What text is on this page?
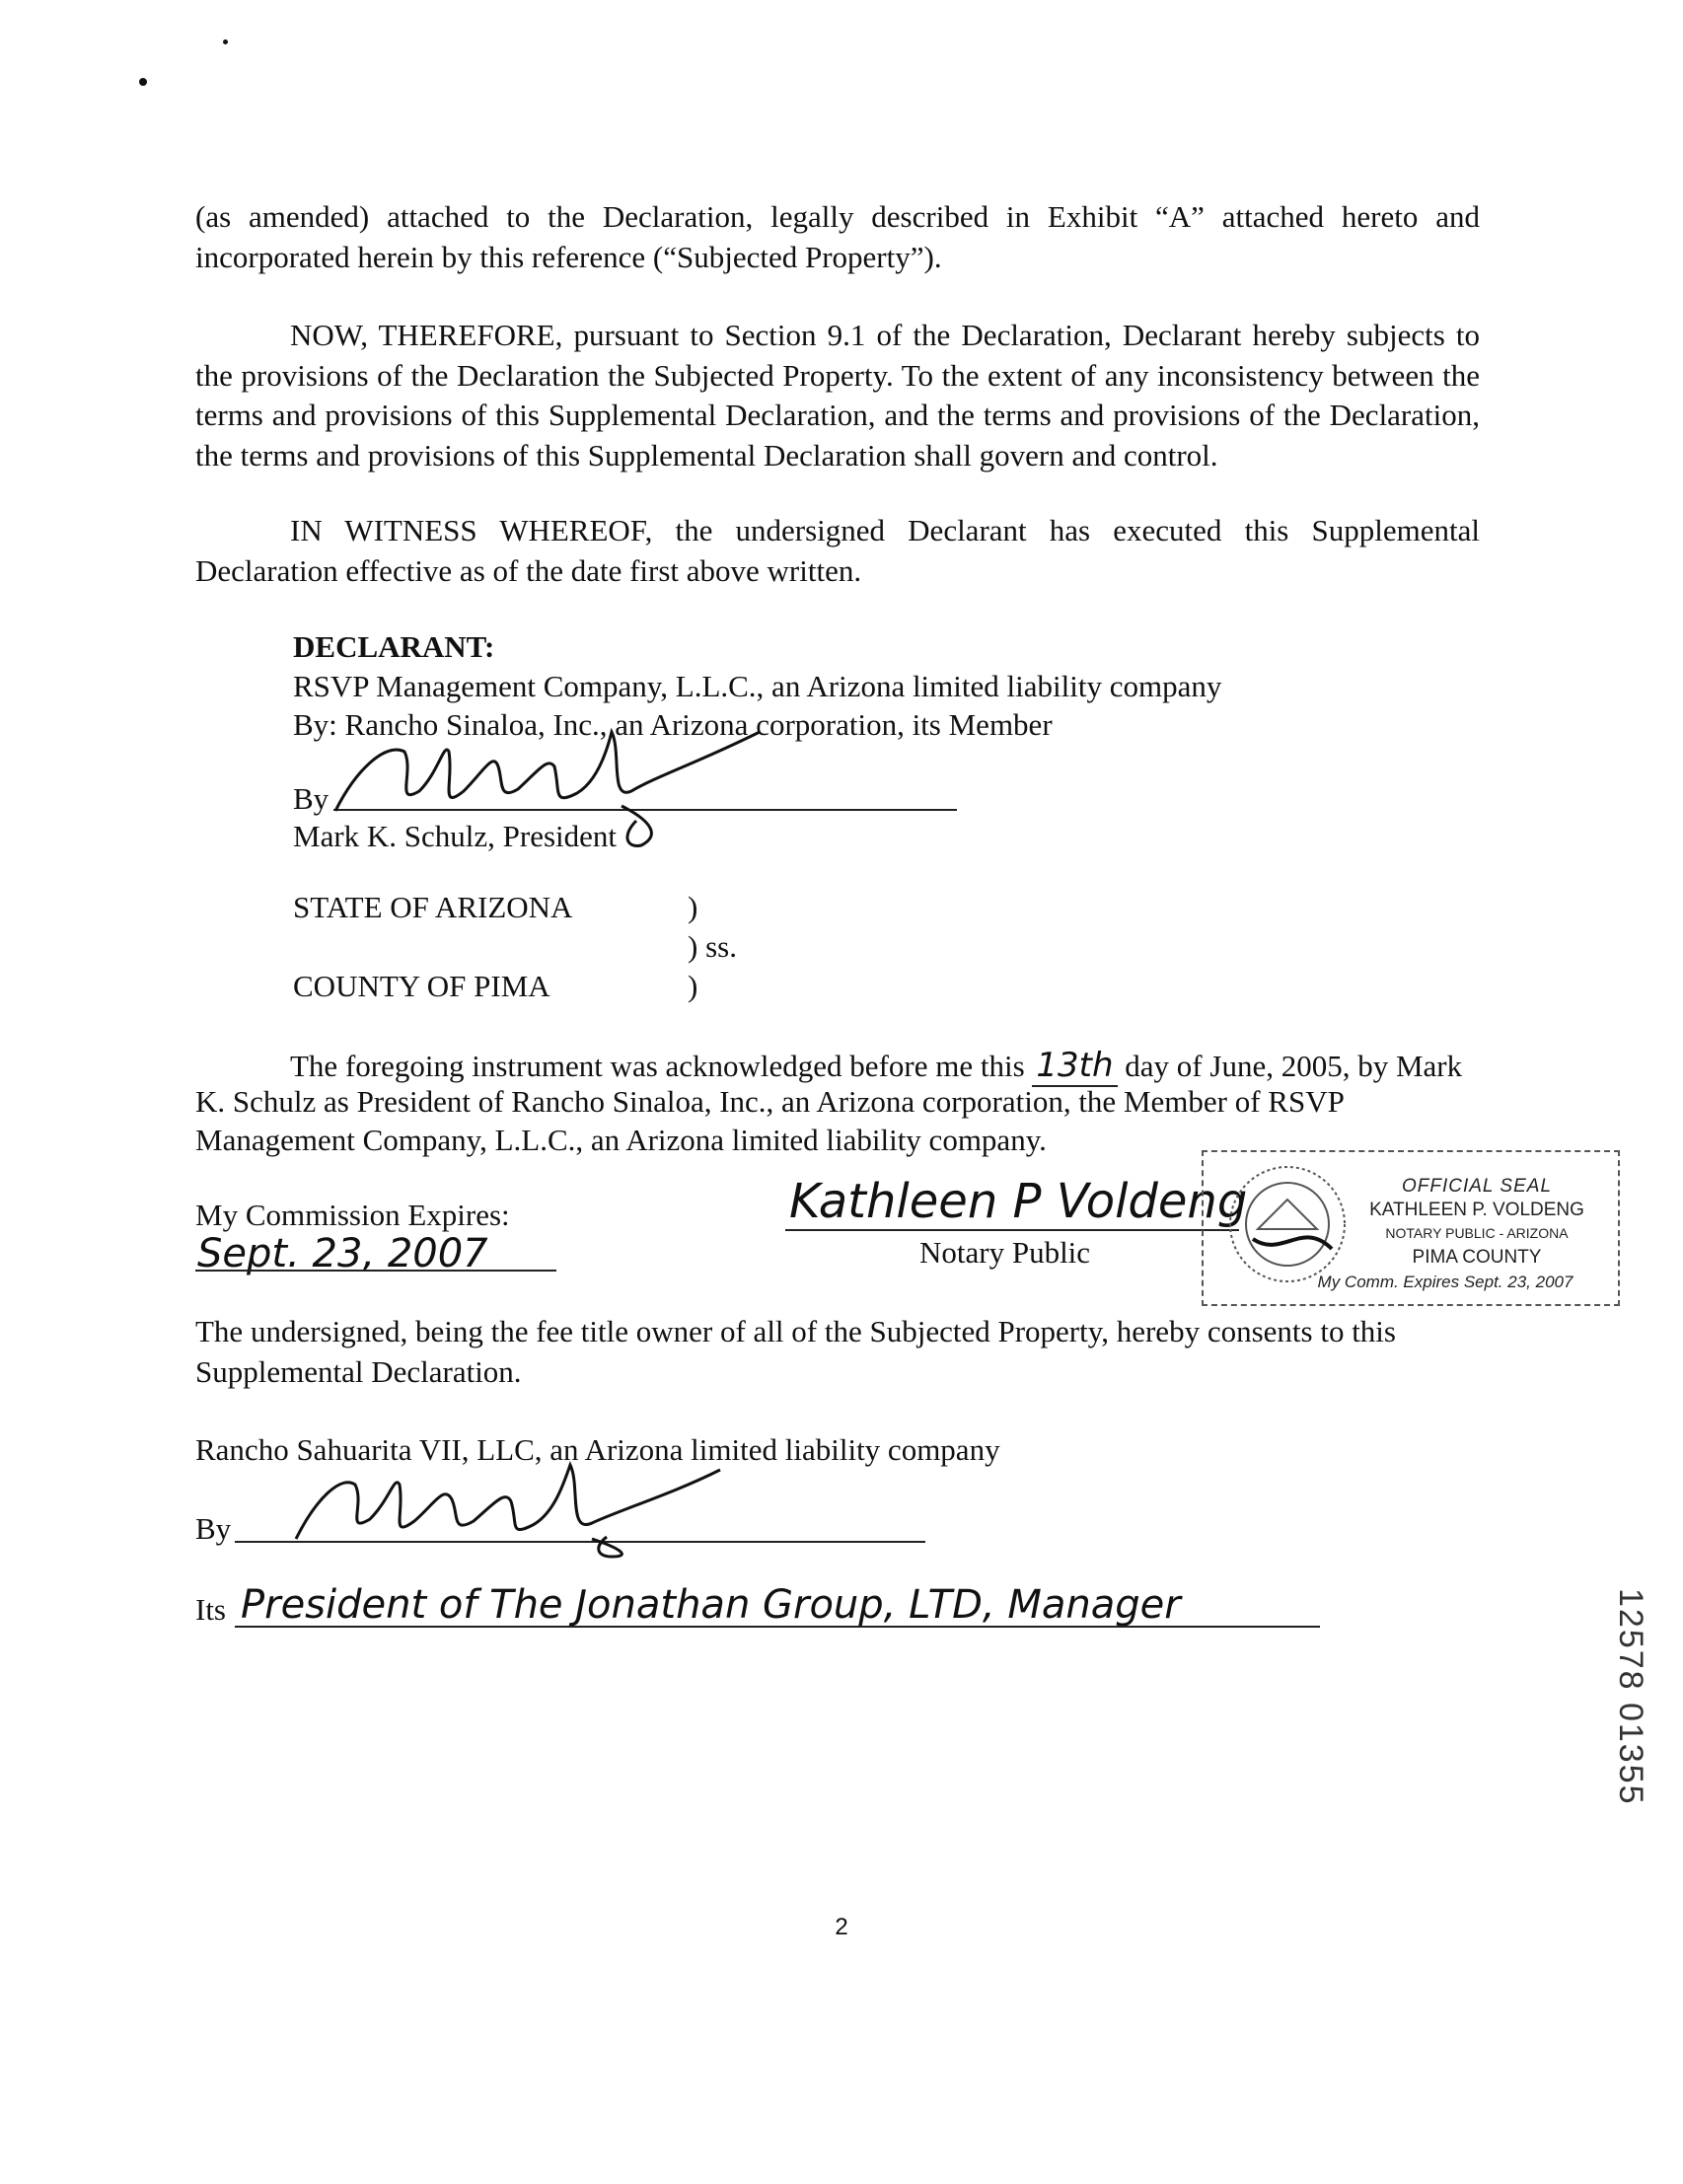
(as amended) attached to the Declaration, legally described in Exhibit “A” attached hereto and incorporated herein by this reference (“Subjected Property”).
NOW, THEREFORE, pursuant to Section 9.1 of the Declaration, Declarant hereby subjects to the provisions of the Declaration the Subjected Property. To the extent of any inconsistency between the terms and provisions of this Supplemental Declaration, and the terms and provisions of the Declaration, the terms and provisions of this Supplemental Declaration shall govern and control.
IN WITNESS WHEREOF, the undersigned Declarant has executed this Supplemental Declaration effective as of the date first above written.
DECLARANT:
RSVP Management Company, L.L.C., an Arizona limited liability company
By: Rancho Sinaloa, Inc., an Arizona corporation, its Member
By
Mark K. Schulz, President
STATE OF ARIZONA	)
) ss.
COUNTY OF PIMA	)
The foregoing instrument was acknowledged before me this 13th day of June, 2005, by Mark
K. Schulz as President of Rancho Sinaloa, Inc., an Arizona corporation, the Member of RSVP
Management Company, L.L.C., an Arizona limited liability company.
My Commission Expires:
Sept. 23, 2007
Kathleen P Voldeng
Notary Public
OFFICIAL SEAL
KATHLEEN P. VOLDENG
NOTARY PUBLIC - ARIZONA
PIMA COUNTY
My Comm. Expires Sept. 23, 2007
The undersigned, being the fee title owner of all of the Subjected Property, hereby consents to this Supplemental Declaration.
Rancho Sahuarita VII, LLC, an Arizona limited liability company
By
Its President of The Jonathan Group, LTD, Manager	12578 01355
2
